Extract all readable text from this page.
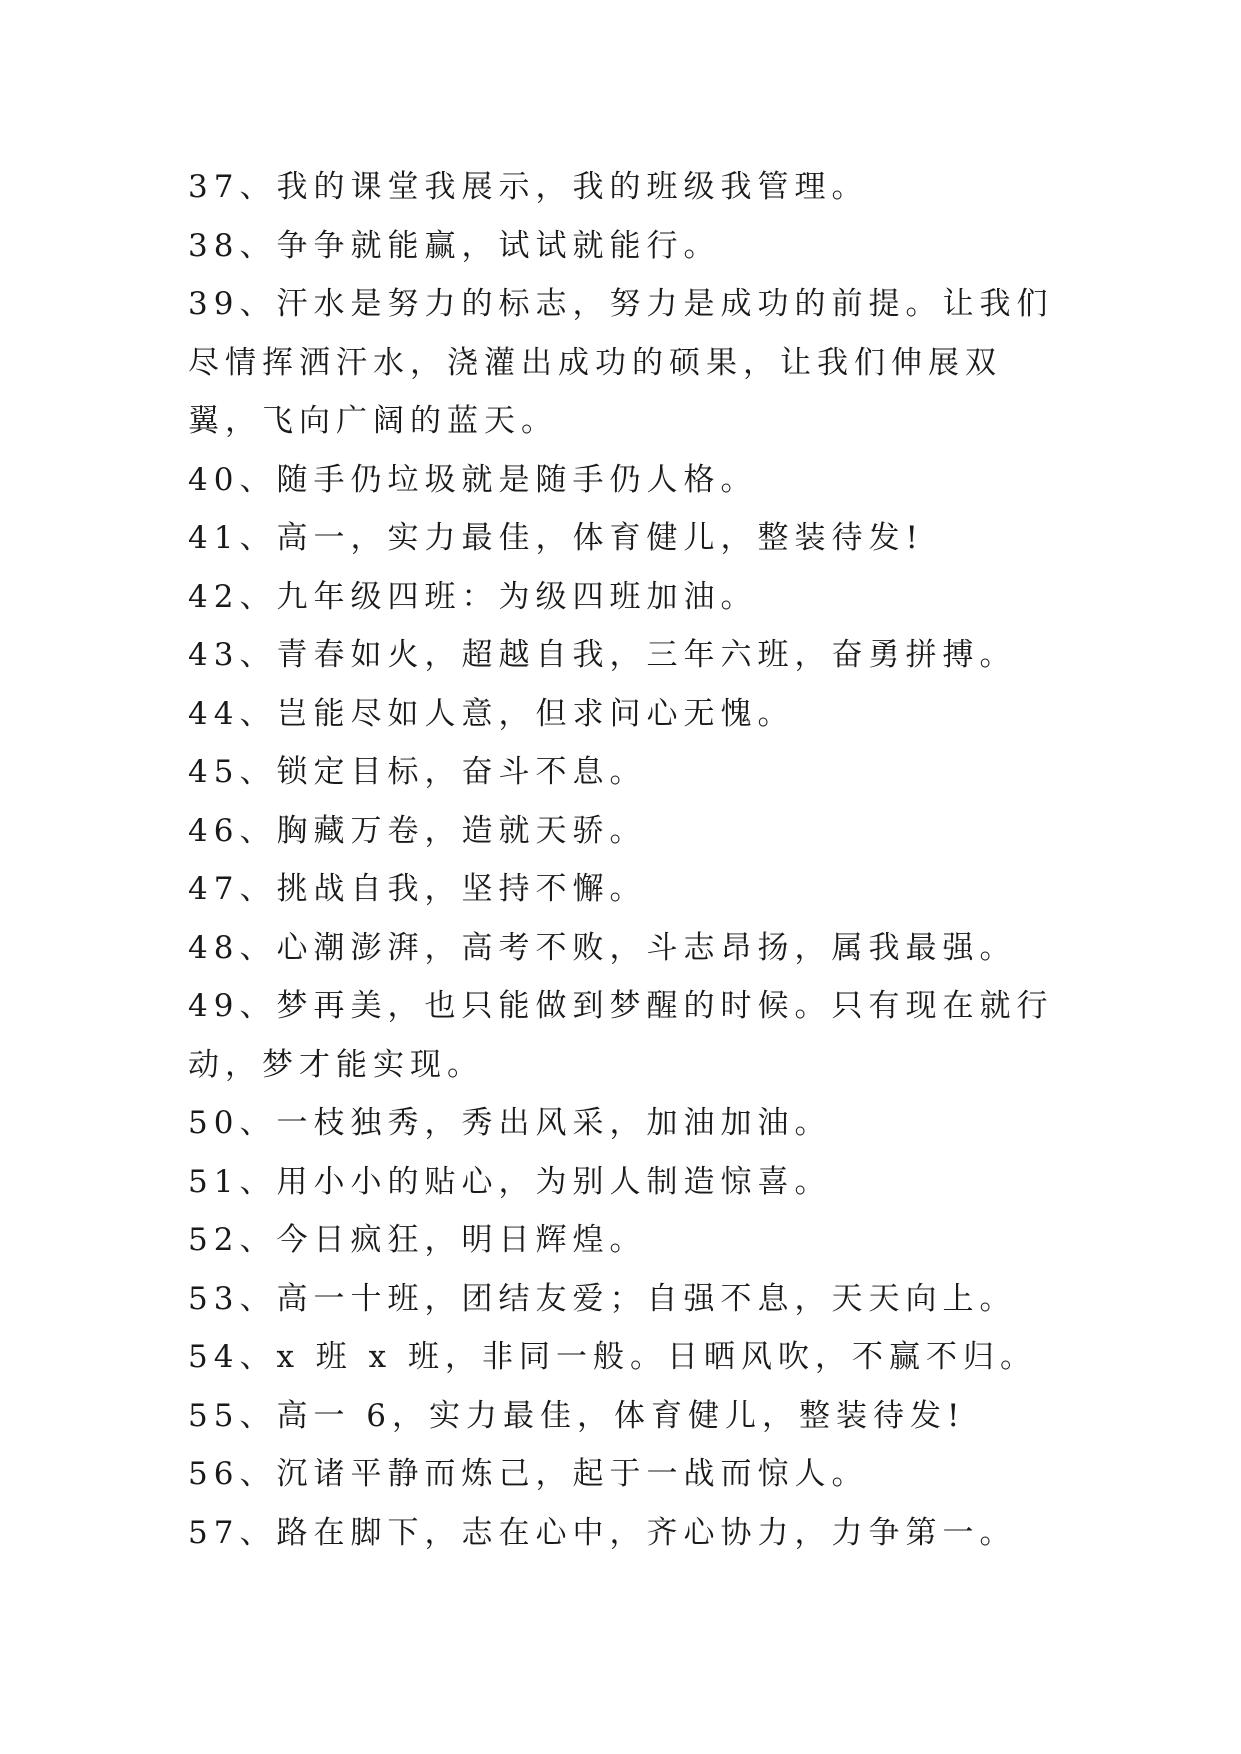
37、我的课堂我展示，我的班级我管理。

38、争争就能赢，试试就能行。

39、汗水是努力的标志，努力是成功的前提。让我们尽情挥洒汗水，浇灌出成功的硕果，让我们伸展双翼，飞向广阔的蓝天。

40、随手仍垃圾就是随手仍人格。

41、高一，实力最佳，体育健儿，整装待发!

42、九年级四班：为级四班加油。

43、青春如火，超越自我，三年六班，奋勇拼搏。

44、岂能尽如人意，但求问心无愧。

45、锁定目标，奋斗不息。

46、胸藏万卷，造就天骄。

47、挑战自我，坚持不懈。

48、心潮澎湃，高考不败，斗志昂扬，属我最强。

49、梦再美，也只能做到梦醒的时候。只有现在就行动，梦才能实现。

50、一枝独秀，秀出风采，加油加油。

51、用小小的贴心，为别人制造惊喜。

52、今日疯狂，明日辉煌。

53、高一十班，团结友爱；自强不息，天天向上。

54、x 班 x 班，非同一般。日晒风吹，不赢不归。

55、高一 6，实力最佳，体育健儿，整装待发!

56、沉诸平静而炼己，起于一战而惊人。

57、路在脚下，志在心中，齐心协力，力争第一。
